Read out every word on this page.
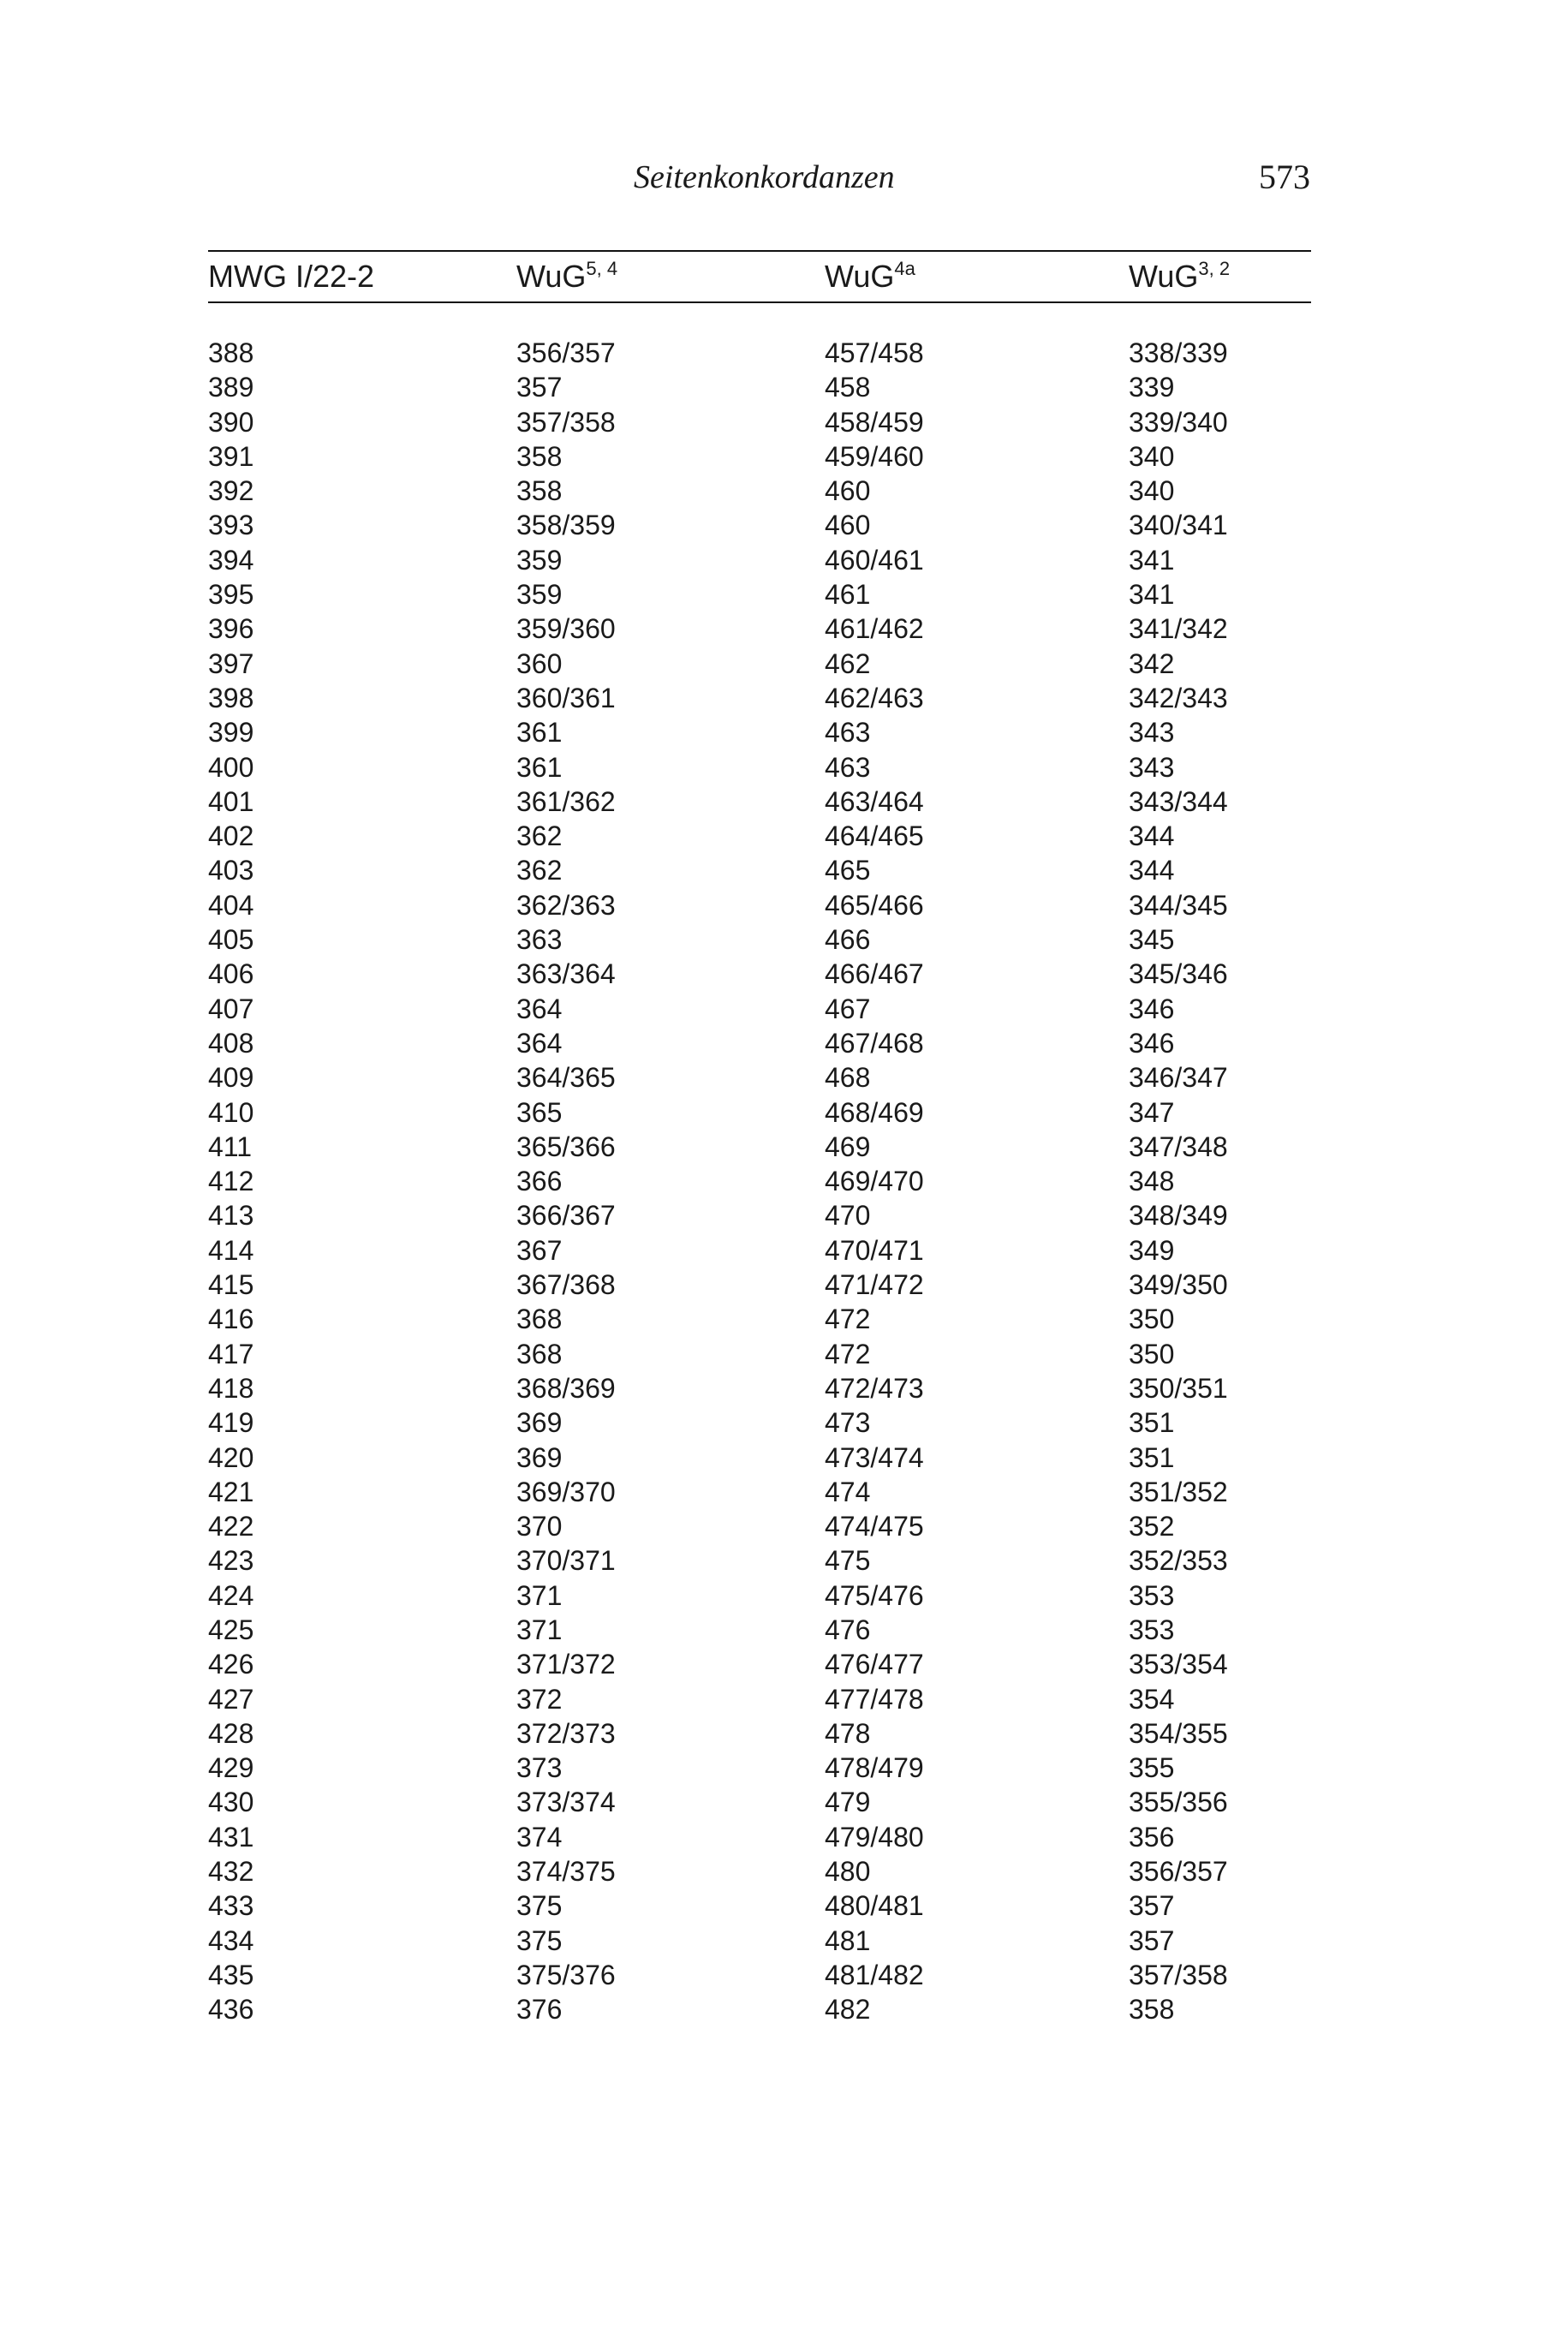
Seitenkonkordanzen	573
MWG I/22-2	WuG$^{5, 4}$	WuG$^{4a}$	WuG$^{3, 2}$
388	356/357	457/458	338/339
389	357	458	339
390	357/358	458/459	339/340
391	358	459/460	340
392	358	460	340
393	358/359	460	340/341
394	359	460/461	341
395	359	461	341
396	359/360	461/462	341/342
397	360	462	342
398	360/361	462/463	342/343
399	361	463	343
400	361	463	343
401	361/362	463/464	343/344
402	362	464/465	344
403	362	465	344
404	362/363	465/466	344/345
405	363	466	345
406	363/364	466/467	345/346
407	364	467	346
408	364	467/468	346
409	364/365	468	346/347
410	365	468/469	347
411	365/366	469	347/348
412	366	469/470	348
413	366/367	470	348/349
414	367	470/471	349
415	367/368	471/472	349/350
416	368	472	350
417	368	472	350
418	368/369	472/473	350/351
419	369	473	351
420	369	473/474	351
421	369/370	474	351/352
422	370	474/475	352
423	370/371	475	352/353
424	371	475/476	353
425	371	476	353
426	371/372	476/477	353/354
427	372	477/478	354
428	372/373	478	354/355
429	373	478/479	355
430	373/374	479	355/356
431	374	479/480	356
432	374/375	480	356/357
433	375	480/481	357
434	375	481	357
435	375/376	481/482	357/358
436	376	482	358
